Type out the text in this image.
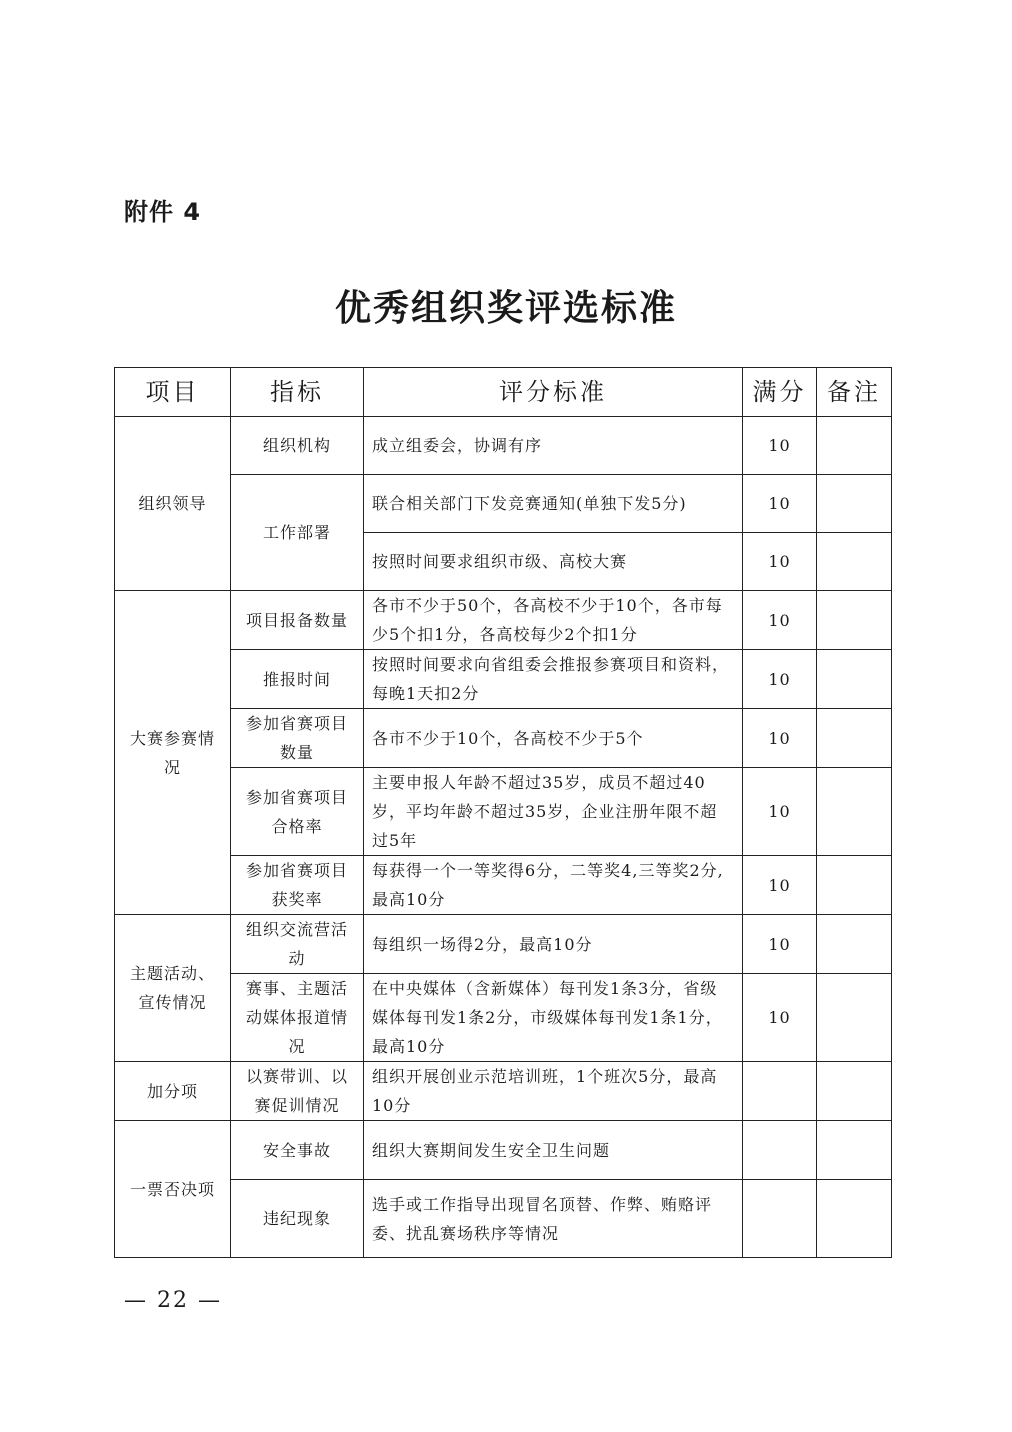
附件 4
优秀组织奖评选标准
项目	指标	评分标准	满分	备注
组织领导	组织机构	成立组委会，协调有序	10	
	工作部署	联合相关部门下发竞赛通知(单独下发5分)	10	
		按照时间要求组织市级、高校大赛	10	
大赛参赛情况	项目报备数量	各市不少于50个，各高校不少于10个，各市每少5个扣1分，各高校每少2个扣1分	10	
	推报时间	按照时间要求向省组委会推报参赛项目和资料，每晚1天扣2分	10	
	参加省赛项目数量	各市不少于10个，各高校不少于5个	10	
	参加省赛项目合格率	主要申报人年龄不超过35岁，成员不超过40岁，平均年龄不超过35岁，企业注册年限不超过5年	10	
	参加省赛项目获奖率	每获得一个一等奖得6分，二等奖4,三等奖2分,最高10分	10	
主题活动、宣传情况	组织交流营活动	每组织一场得2分，最高10分	10	
	赛事、主题活动媒体报道情况	在中央媒体（含新媒体）每刊发1条3分，省级媒体每刊发1条2分，市级媒体每刊发1条1分，最高10分	10	
加分项	以赛带训、以赛促训情况	组织开展创业示范培训班，1个班次5分，最高10分		
一票否决项	安全事故	组织大赛期间发生安全卫生问题		
	违纪现象	选手或工作指导出现冒名顶替、作弊、贿赂评委、扰乱赛场秩序等情况		
— 22 —
